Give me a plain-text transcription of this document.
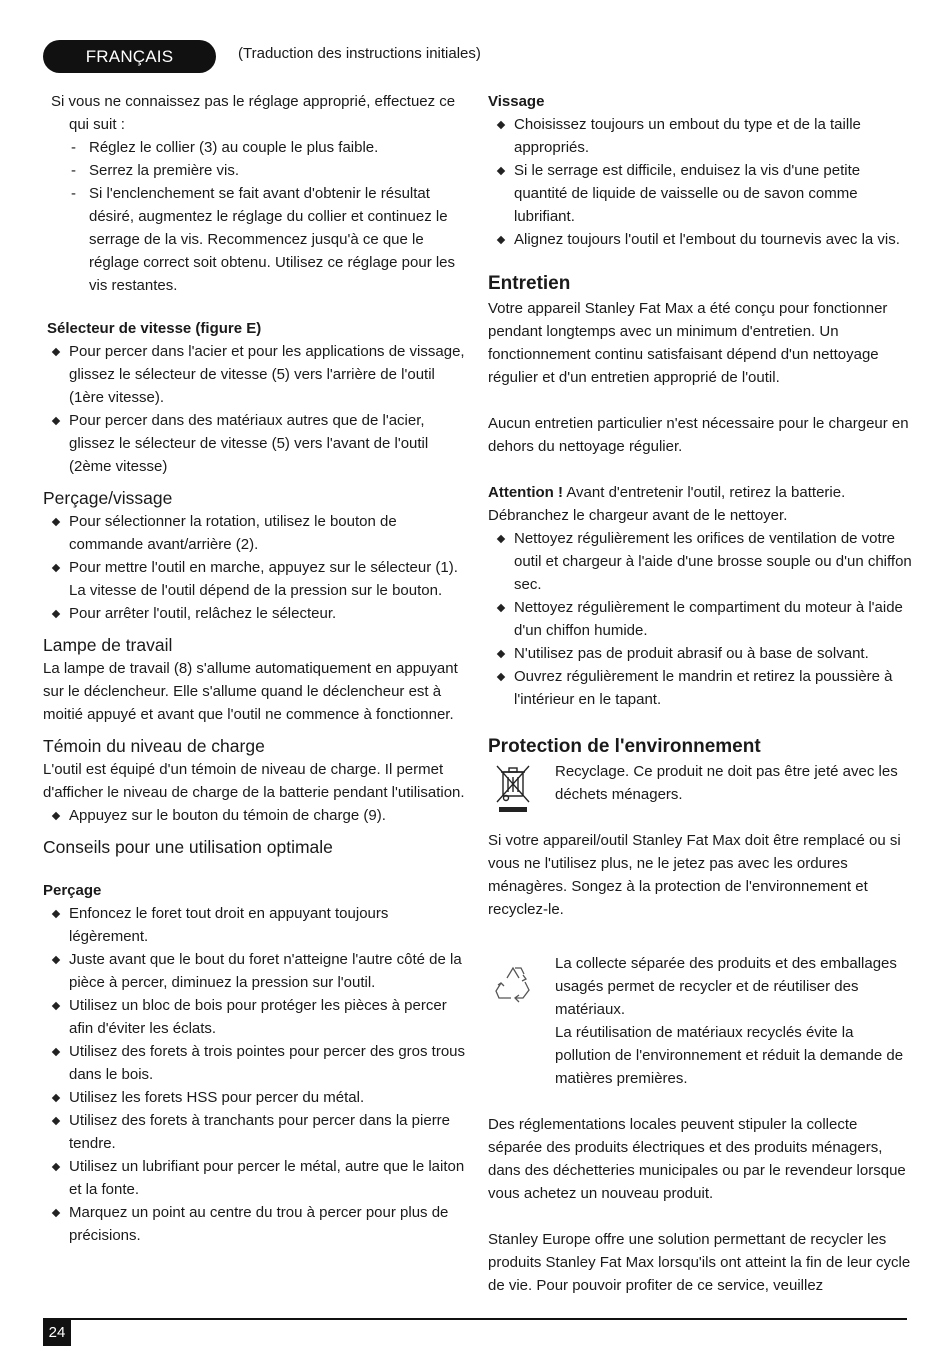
FRANÇAIS	(Traduction des instructions initiales)

Si vous ne connaissez pas le réglage approprié, effectuez ce qui suit :

- Réglez le collier (3) au couple le plus faible.
- Serrez la première vis.
- Si l'enclenchement se fait avant d'obtenir le résultat désiré, augmentez le réglage du collier et continuez le serrage de la vis. Recommencez jusqu'à ce que le réglage correct soit obtenu. Utilisez ce réglage pour les vis restantes.

Sélecteur de vitesse (figure E)

Pour percer dans l'acier et pour les applications de vissage, glissez le sélecteur de vitesse (5) vers l'arrière de l'outil (1ère vitesse).
Pour percer dans des matériaux autres que de l'acier, glissez le sélecteur de vitesse (5) vers l'avant de l'outil (2ème vitesse)

Perçage/vissage

Pour sélectionner la rotation, utilisez le bouton de commande avant/arrière (2).
Pour mettre l'outil en marche, appuyez sur le sélecteur (1). La vitesse de l'outil dépend de la pression sur le bouton.
Pour arrêter l'outil, relâchez le sélecteur.

Lampe de travail

La lampe de travail (8) s'allume automatiquement en appuyant sur le déclencheur. Elle s'allume quand le déclencheur est à moitié appuyé et avant que l'outil ne commence à fonctionner.

Témoin du niveau de charge

L'outil est équipé d'un témoin de niveau de charge. Il permet d'afficher le niveau de charge de la batterie pendant l'utilisation.

Appuyez sur le bouton du témoin de charge (9).

Conseils pour une utilisation optimale

Perçage

Enfoncez le foret tout droit en appuyant toujours légèrement.
Juste avant que le bout du foret n'atteigne l'autre côté de la pièce à percer, diminuez la pression sur l'outil.
Utilisez un bloc de bois pour protéger les pièces à percer afin d'éviter les éclats.
Utilisez des forets à trois pointes pour percer des gros trous dans le bois.
Utilisez les forets HSS pour percer du métal.
Utilisez des forets à tranchants pour percer dans la pierre tendre.
Utilisez un lubrifiant pour percer le métal, autre que le laiton et la fonte.
Marquez un point au centre du trou à percer pour plus de précisions.

Vissage

Choisissez toujours un embout du type et de la taille appropriés.
Si le serrage est difficile, enduisez la vis d'une petite quantité de liquide de vaisselle ou de savon comme lubrifiant.
Alignez toujours l'outil et l'embout du tournevis avec la vis.

Entretien

Votre appareil Stanley Fat Max a été conçu pour fonctionner pendant longtemps avec un minimum d'entretien. Un fonctionnement continu satisfaisant dépend d'un nettoyage régulier et d'un entretien approprié de l'outil.

Aucun entretien particulier n'est nécessaire pour le chargeur en dehors du nettoyage régulier.

Attention ! Avant d'entretenir l'outil, retirez la batterie. Débranchez le chargeur avant de le nettoyer.

Nettoyez régulièrement les orifices de ventilation de votre outil et chargeur à l'aide d'une brosse souple ou d'un chiffon sec.
Nettoyez régulièrement le compartiment du moteur à l'aide d'un chiffon humide.
N'utilisez pas de produit abrasif ou à base de solvant.
Ouvrez régulièrement le mandrin et retirez la poussière à l'intérieur en le tapant.

Protection de l'environnement

Recyclage. Ce produit ne doit pas être jeté avec les déchets ménagers.

Si votre appareil/outil Stanley Fat Max doit être remplacé ou si vous ne l'utilisez plus, ne le jetez pas avec les ordures ménagères. Songez à la protection de l'environnement et recyclez-le.

La collecte séparée des produits et des emballages usagés permet de recycler et de réutiliser des matériaux.

La réutilisation de matériaux recyclés évite la pollution de l'environnement et réduit la demande de matières premières.

Des réglementations locales peuvent stipuler la collecte séparée des produits électriques et des produits ménagers, dans des déchetteries municipales ou par le revendeur lorsque vous achetez un nouveau produit.

Stanley Europe offre une solution permettant de recycler les produits Stanley Fat Max lorsqu'ils ont atteint la fin de leur cycle de vie. Pour pouvoir profiter de ce service, veuillez

24
